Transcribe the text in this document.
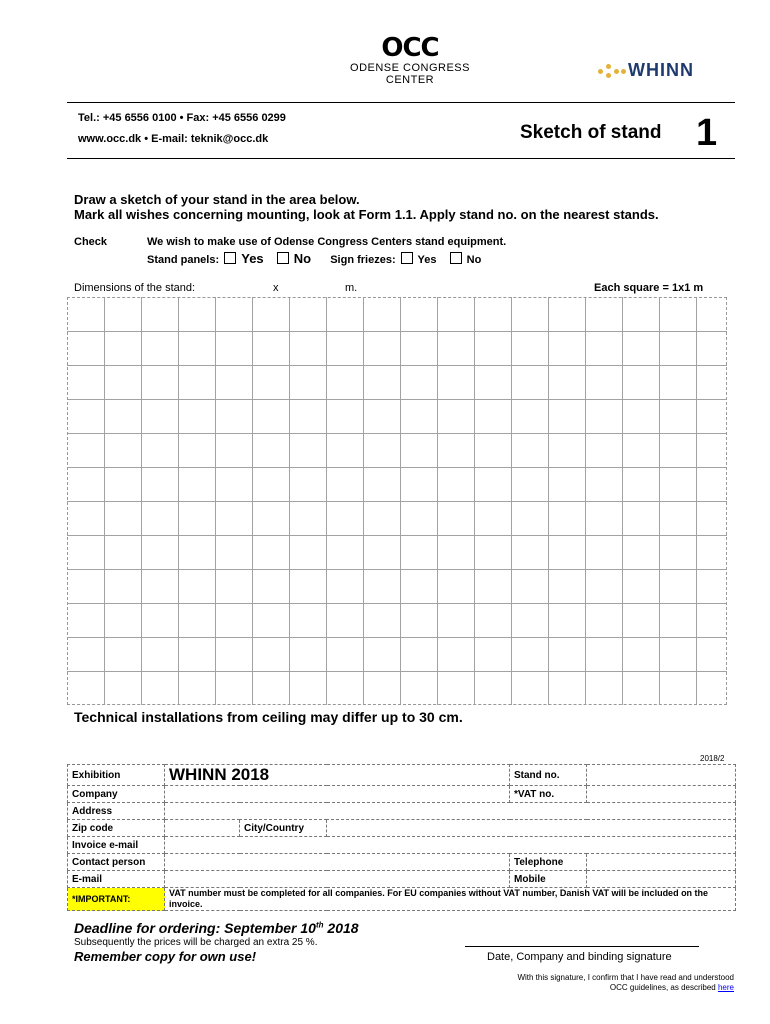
OCC
ODENSE CONGRESS
CENTER	WHINN
Tel.: +45 6556 0100 • Fax: +45 6556 0299
www.occ.dk • E-mail: teknik@occ.dk	Sketch of stand 1
Draw a sketch of your stand in the area below.
Mark all wishes concerning mounting, look at Form 1.1. Apply stand no. on the nearest stands.
Check	We wish to make use of Odense Congress Centers stand equipment.
Stand panels: Yes No Sign friezes: Yes	No
Dimensions of the stand:	x	m.	Each square = 1x1 m
Technical installations from ceiling may differ up to 30 cm.
2018/2
Exhibition	WHINN 2018			Stand no.	
Company				*VAT no.	
Address					
Zip code		City/Country			
Invoice e-mail					
Contact person				Telephone	
E-mail				Mobile	
*IMPORTANT:	VAT number must be completed for all companies. For EU companies without VAT number, Danish VAT will be included on the invoice.				
Deadline for ordering: September 10th 2018
Subsequently the prices will be charged an extra 25 %.
Remember copy for own use!	Date, Company and binding signature
With this signature, I confirm that I have read and understood
OCC guidelines, as described here
